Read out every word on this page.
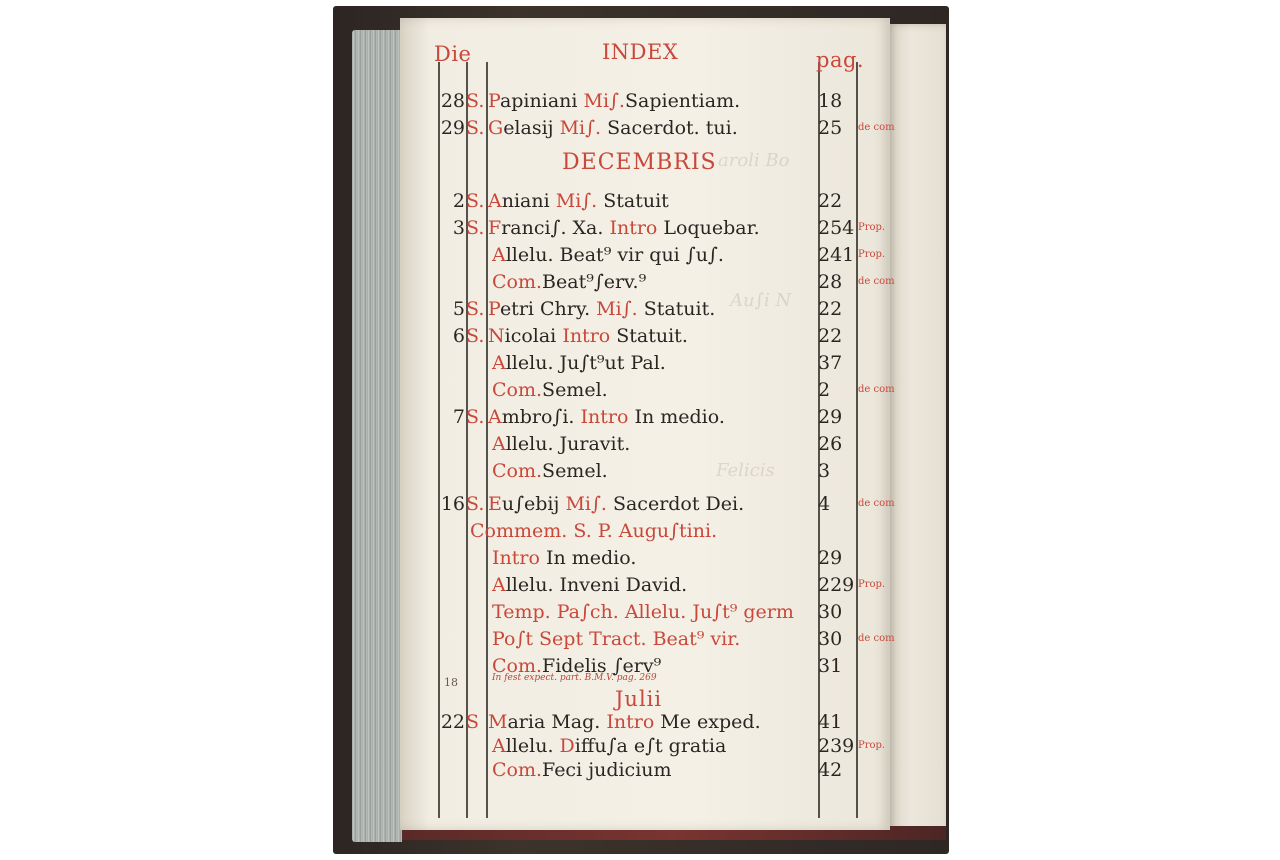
aroli Bo
Au∫i N
Felicis
Die	INDEX	pag.
DECEMBRIS
Julii
18	In fest expect. part. B.M.V. pag. 269
28 S. Papiniani Mi∫.Sapientiam.	18
29 S. Gelasij Mi∫. Sacerdot. tui.	25 de com
2 S. Aniani Mi∫. Statuit	22
3 S. Franci∫. Xa. Intro Loquebar.	254 Prop.
Allelu. Beat⁹ vir qui ∫u∫.	241 Prop.
Com.Beat⁹∫erv.⁹	28 de com
5 S. Petri Chry. Mi∫. Statuit.	22
6 S. Nicolai Intro Statuit.	22
Allelu. Ju∫t⁹ut Pal.	37
Com.Semel.	2	de com
7 S. Ambro∫i. Intro In medio.	29
Allelu. Juravit.	26
Com.Semel.	3
16 S. Eu∫ebij Mi∫. Sacerdot Dei.	4	de com
Commem. S. P. Augu∫tini.
Intro In medio.	29
Allelu. Inveni David.	229 Prop.
Temp. Pa∫ch. Allelu. Ju∫t⁹ germ 30
Po∫t Sept Tract. Beat⁹ vir.	30 de com
Com.Fidelis ∫erv⁹	31
22 S Maria Mag. Intro Me exped.	41
Allelu. Diffu∫a e∫t gratia	239 Prop.
Com.Feci judicium	42
